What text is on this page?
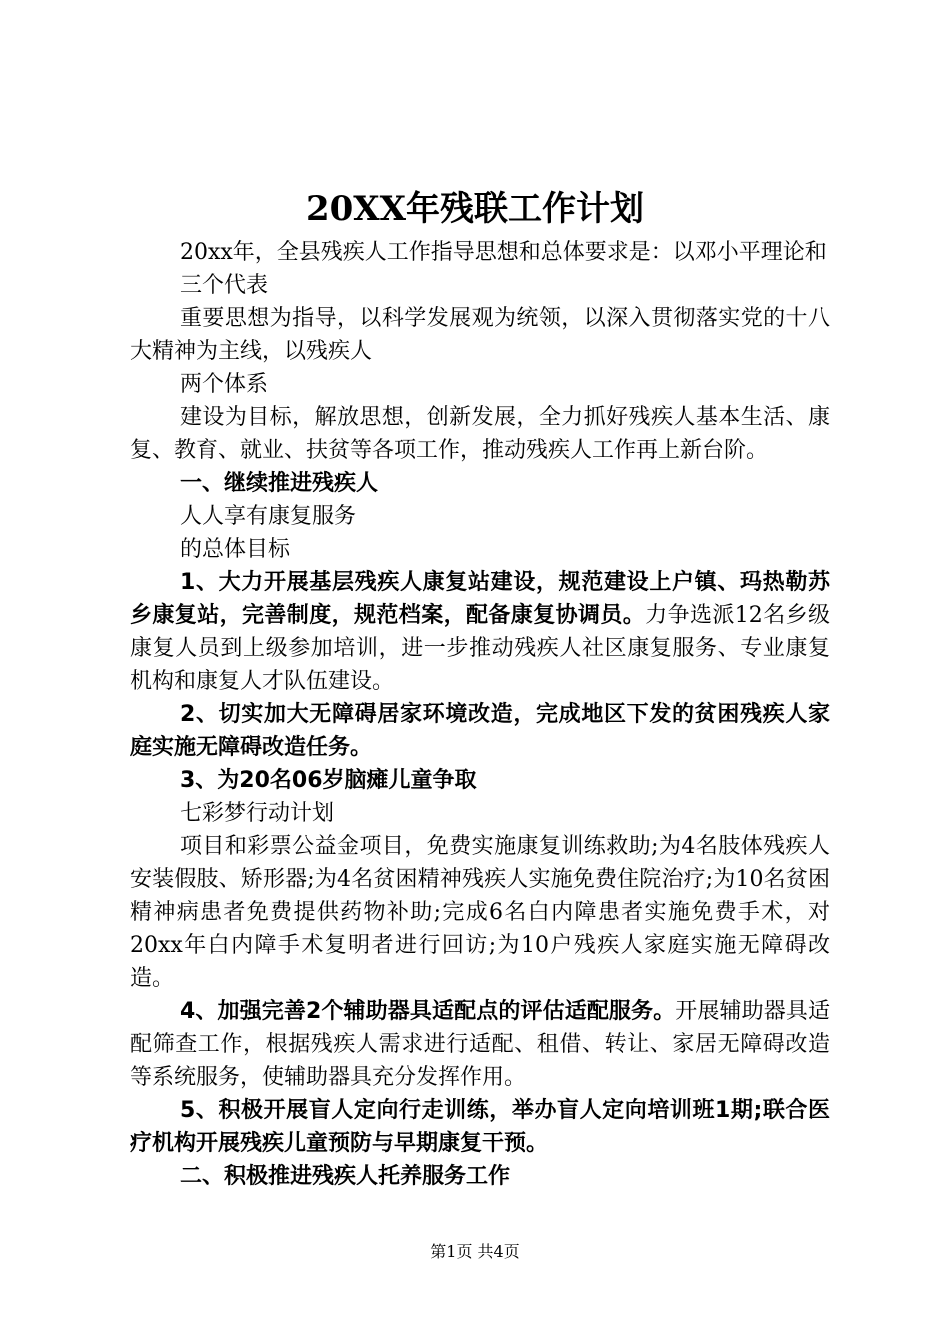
20XX年残联工作计划

20xx年，全县残疾人工作指导思想和总体要求是：以邓小平理论和

三个代表

重要思想为指导，以科学发展观为统领，以深入贯彻落实党的十八大精神为主线，以残疾人

两个体系

建设为目标，解放思想，创新发展，全力抓好残疾人基本生活、康复、教育、就业、扶贫等各项工作，推动残疾人工作再上新台阶。

一、继续推进残疾人

人人享有康复服务

的总体目标

1、大力开展基层残疾人康复站建设，规范建设上户镇、玛热勒苏乡康复站，完善制度，规范档案，配备康复协调员。力争选派12名乡级康复人员到上级参加培训，进一步推动残疾人社区康复服务、专业康复机构和康复人才队伍建设。

2、切实加大无障碍居家环境改造，完成地区下发的贫困残疾人家庭实施无障碍改造任务。

3、为20名06岁脑瘫儿童争取

七彩梦行动计划

项目和彩票公益金项目，免费实施康复训练救助;为4名肢体残疾人安装假肢、矫形器;为4名贫困精神残疾人实施免费住院治疗;为10名贫困精神病患者免费提供药物补助;完成6名白内障患者实施免费手术，对20xx年白内障手术复明者进行回访;为10户残疾人家庭实施无障碍改造。

4、加强完善2个辅助器具适配点的评估适配服务。开展辅助器具适配筛查工作，根据残疾人需求进行适配、租借、转让、家居无障碍改造等系统服务，使辅助器具充分发挥作用。

5、积极开展盲人定向行走训练，举办盲人定向培训班1期;联合医疗机构开展残疾儿童预防与早期康复干预。

二、积极推进残疾人托养服务工作

第1页 共4页
